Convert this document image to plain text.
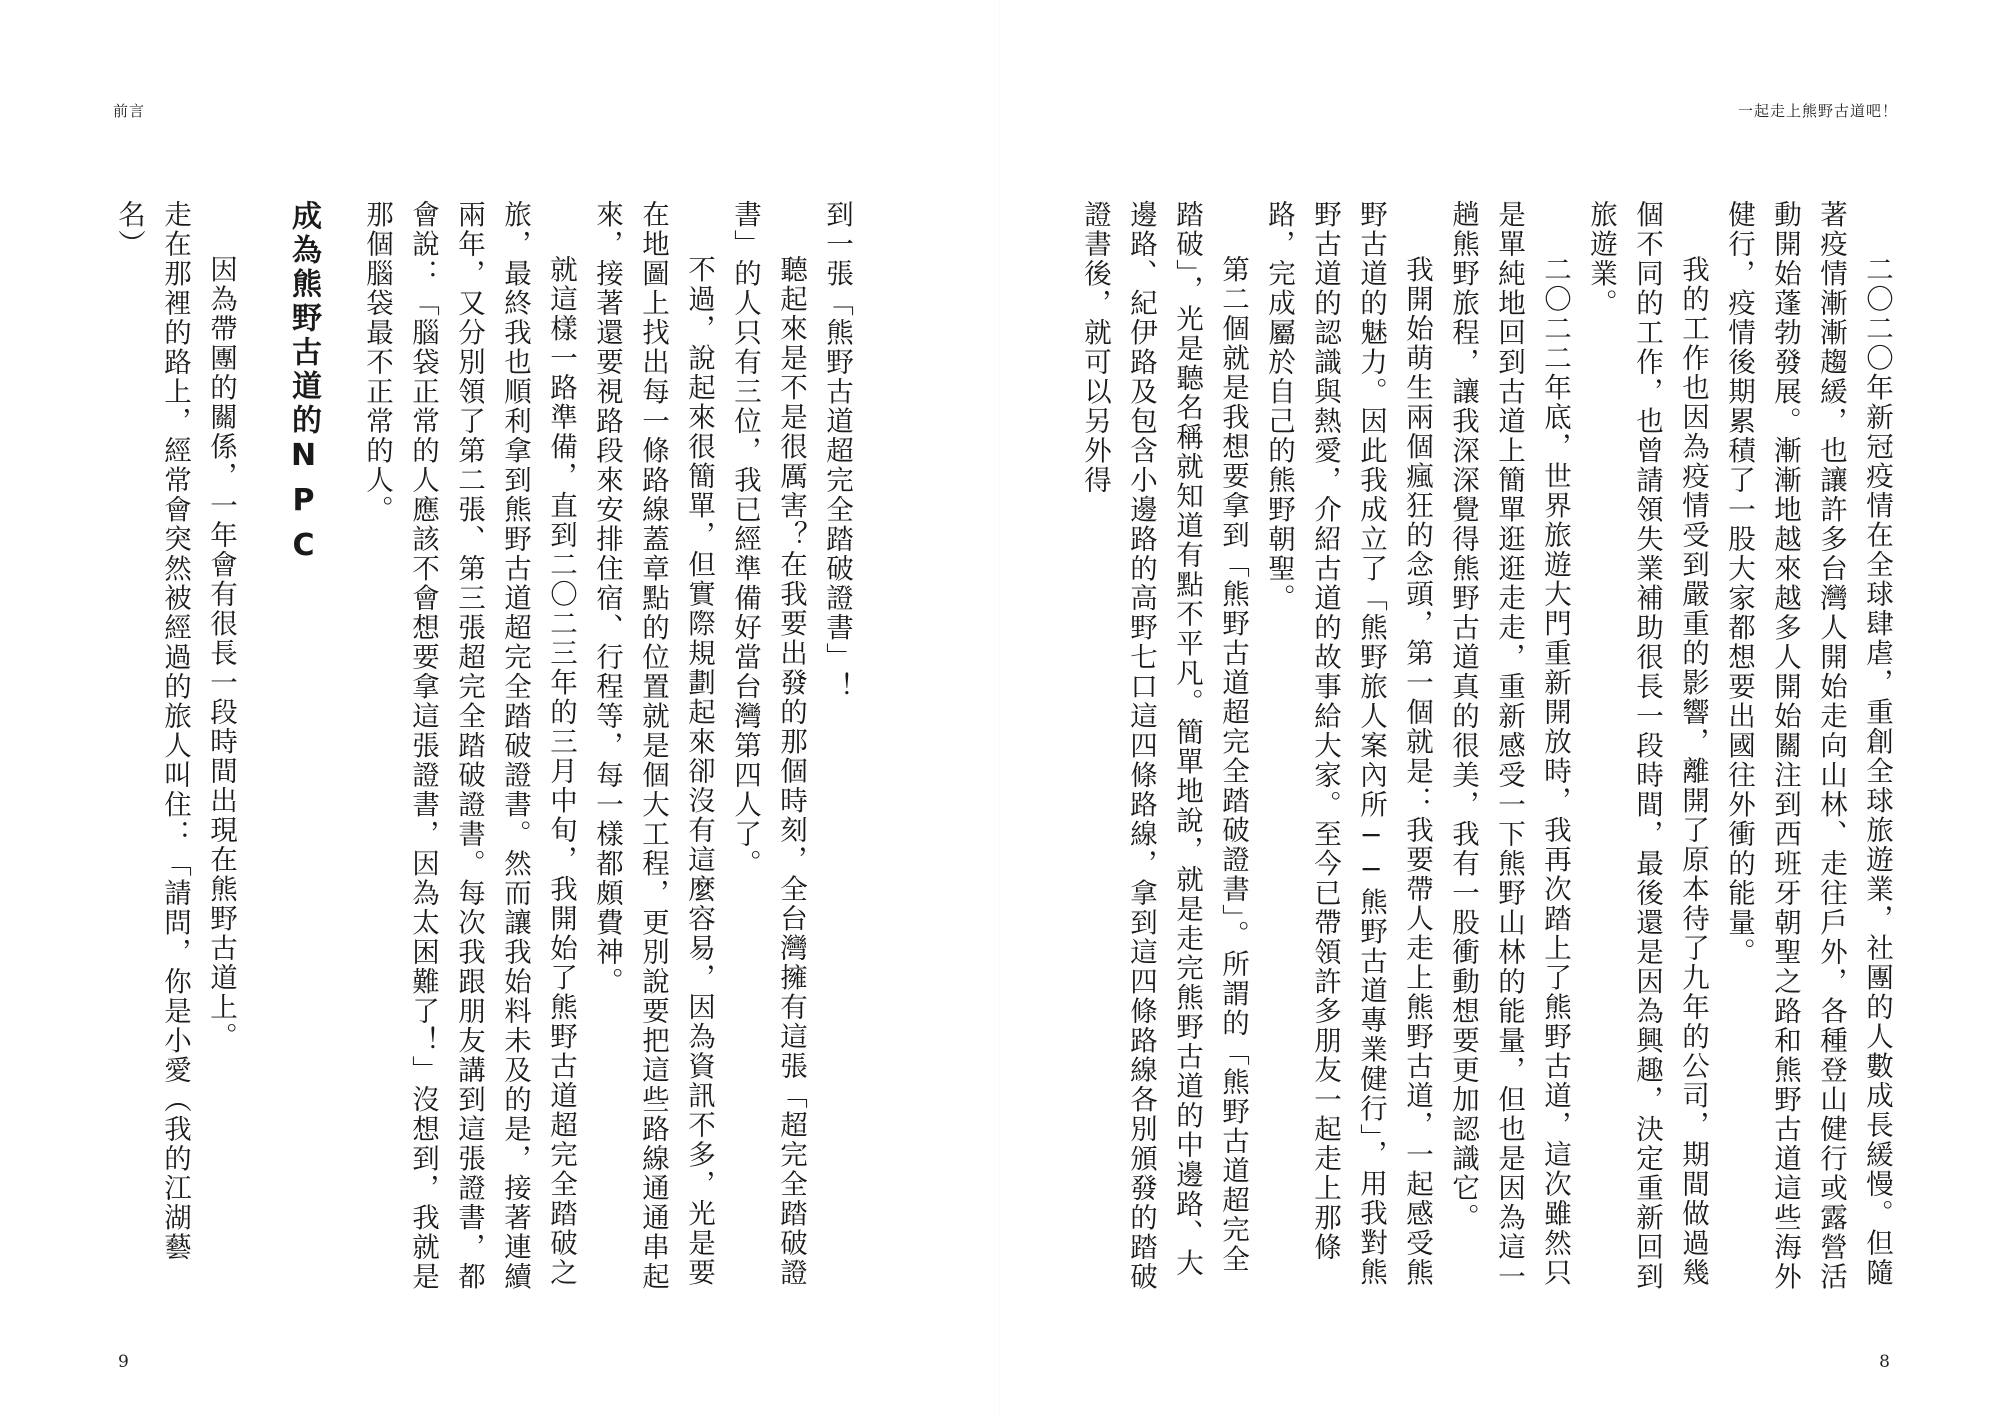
前言	一起走上熊野古道吧！

二〇二〇年新冠疫情在全球肆虐，重創全球旅遊業，社團的人數成長緩慢。但隨著疫情漸漸趨緩，也讓許多台灣人開始走向山林、走往戶外，各種登山健行或露營活動開始蓬勃發展。漸漸地越來越多人開始關注到西班牙朝聖之路和熊野古道這些海外健行，疫情後期累積了一股大家都想要出國往外衝的能量。

我的工作也因為疫情受到嚴重的影響，離開了原本待了九年的公司，期間做過幾個不同的工作，也曾請領失業補助很長一段時間，最後還是因為興趣，決定重新回到旅遊業。

二〇二二年底，世界旅遊大門重新開放時，我再次踏上了熊野古道，這次雖然只是單純地回到古道上簡單逛逛走走，重新感受一下熊野山林的能量，但也是因為這一趟熊野旅程，讓我深深覺得熊野古道真的很美，我有一股衝動想要更加認識它。

我開始萌生兩個瘋狂的念頭，第一個就是：我要帶人走上熊野古道，一起感受熊野古道的魅力。因此我成立了「熊野旅人案內所──熊野古道專業健行」，用我對熊野古道的認識與熱愛，介紹古道的故事給大家。至今已帶領許多朋友一起走上那條路，完成屬於自己的熊野朝聖。

第二個就是我想要拿到「熊野古道超完全踏破證書」。所謂的「熊野古道超完全踏破」，光是聽名稱就知道有點不平凡。簡單地說，就是走完熊野古道的中邊路、大邊路、紀伊路及包含小邊路的高野七口這四條路線，拿到這四條路線各別頒發的踏破證書後，就可以另外得

到一張「熊野古道超完全踏破證書」！

聽起來是不是很厲害？在我要出發的那個時刻，全台灣擁有這張「超完全踏破證書」的人只有三位，我已經準備好當台灣第四人了。

不過，說起來很簡單，但實際規劃起來卻沒有這麼容易，因為資訊不多，光是要在地圖上找出每一條路線蓋章點的位置就是個大工程，更別說要把這些路線通通串起來，接著還要視路段來安排住宿、行程等，每一樣都頗費神。

就這樣一路準備，直到二〇二三年的三月中旬，我開始了熊野古道超完全踏破之旅，最終我也順利拿到熊野古道超完全踏破證書。然而讓我始料未及的是，接著連續兩年，又分別領了第二張、第三張超完全踏破證書。每次我跟朋友講到這張證書，都會說：「腦袋正常的人應該不會想要拿這張證書，因為太困難了！」沒想到，我就是那個腦袋最不正常的人。

成為熊野古道的NPC

因為帶團的關係，一年會有很長一段時間出現在熊野古道上。

走在那裡的路上，經常會突然被經過的旅人叫住：「請問，你是小愛（我的江湖藝名）

9	8
